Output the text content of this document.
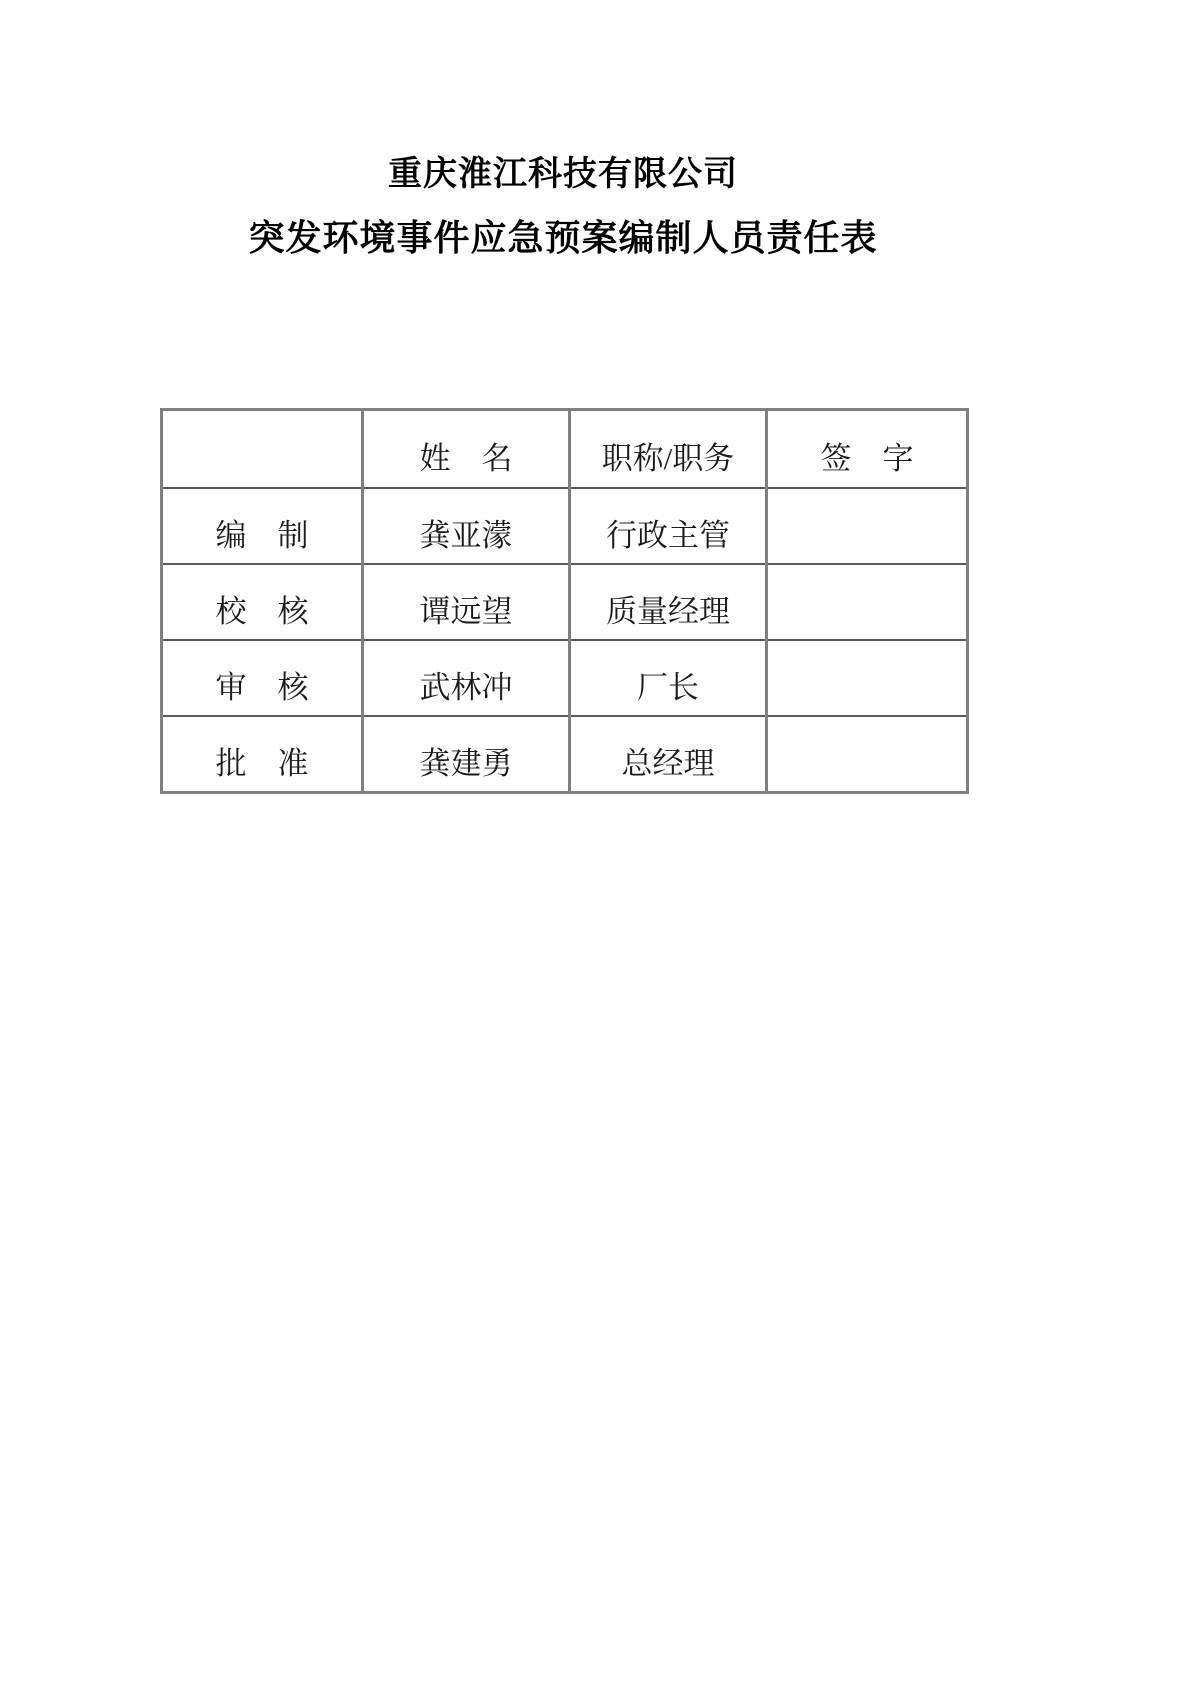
重庆淮江科技有限公司
突发环境事件应急预案编制人员责任表
	姓　名	职称/职务	签　字
编　制	龚亚濛	行政主管	
校　核	谭远望	质量经理	
审　核	武林冲	厂长	
批　准	龚建勇	总经理	
